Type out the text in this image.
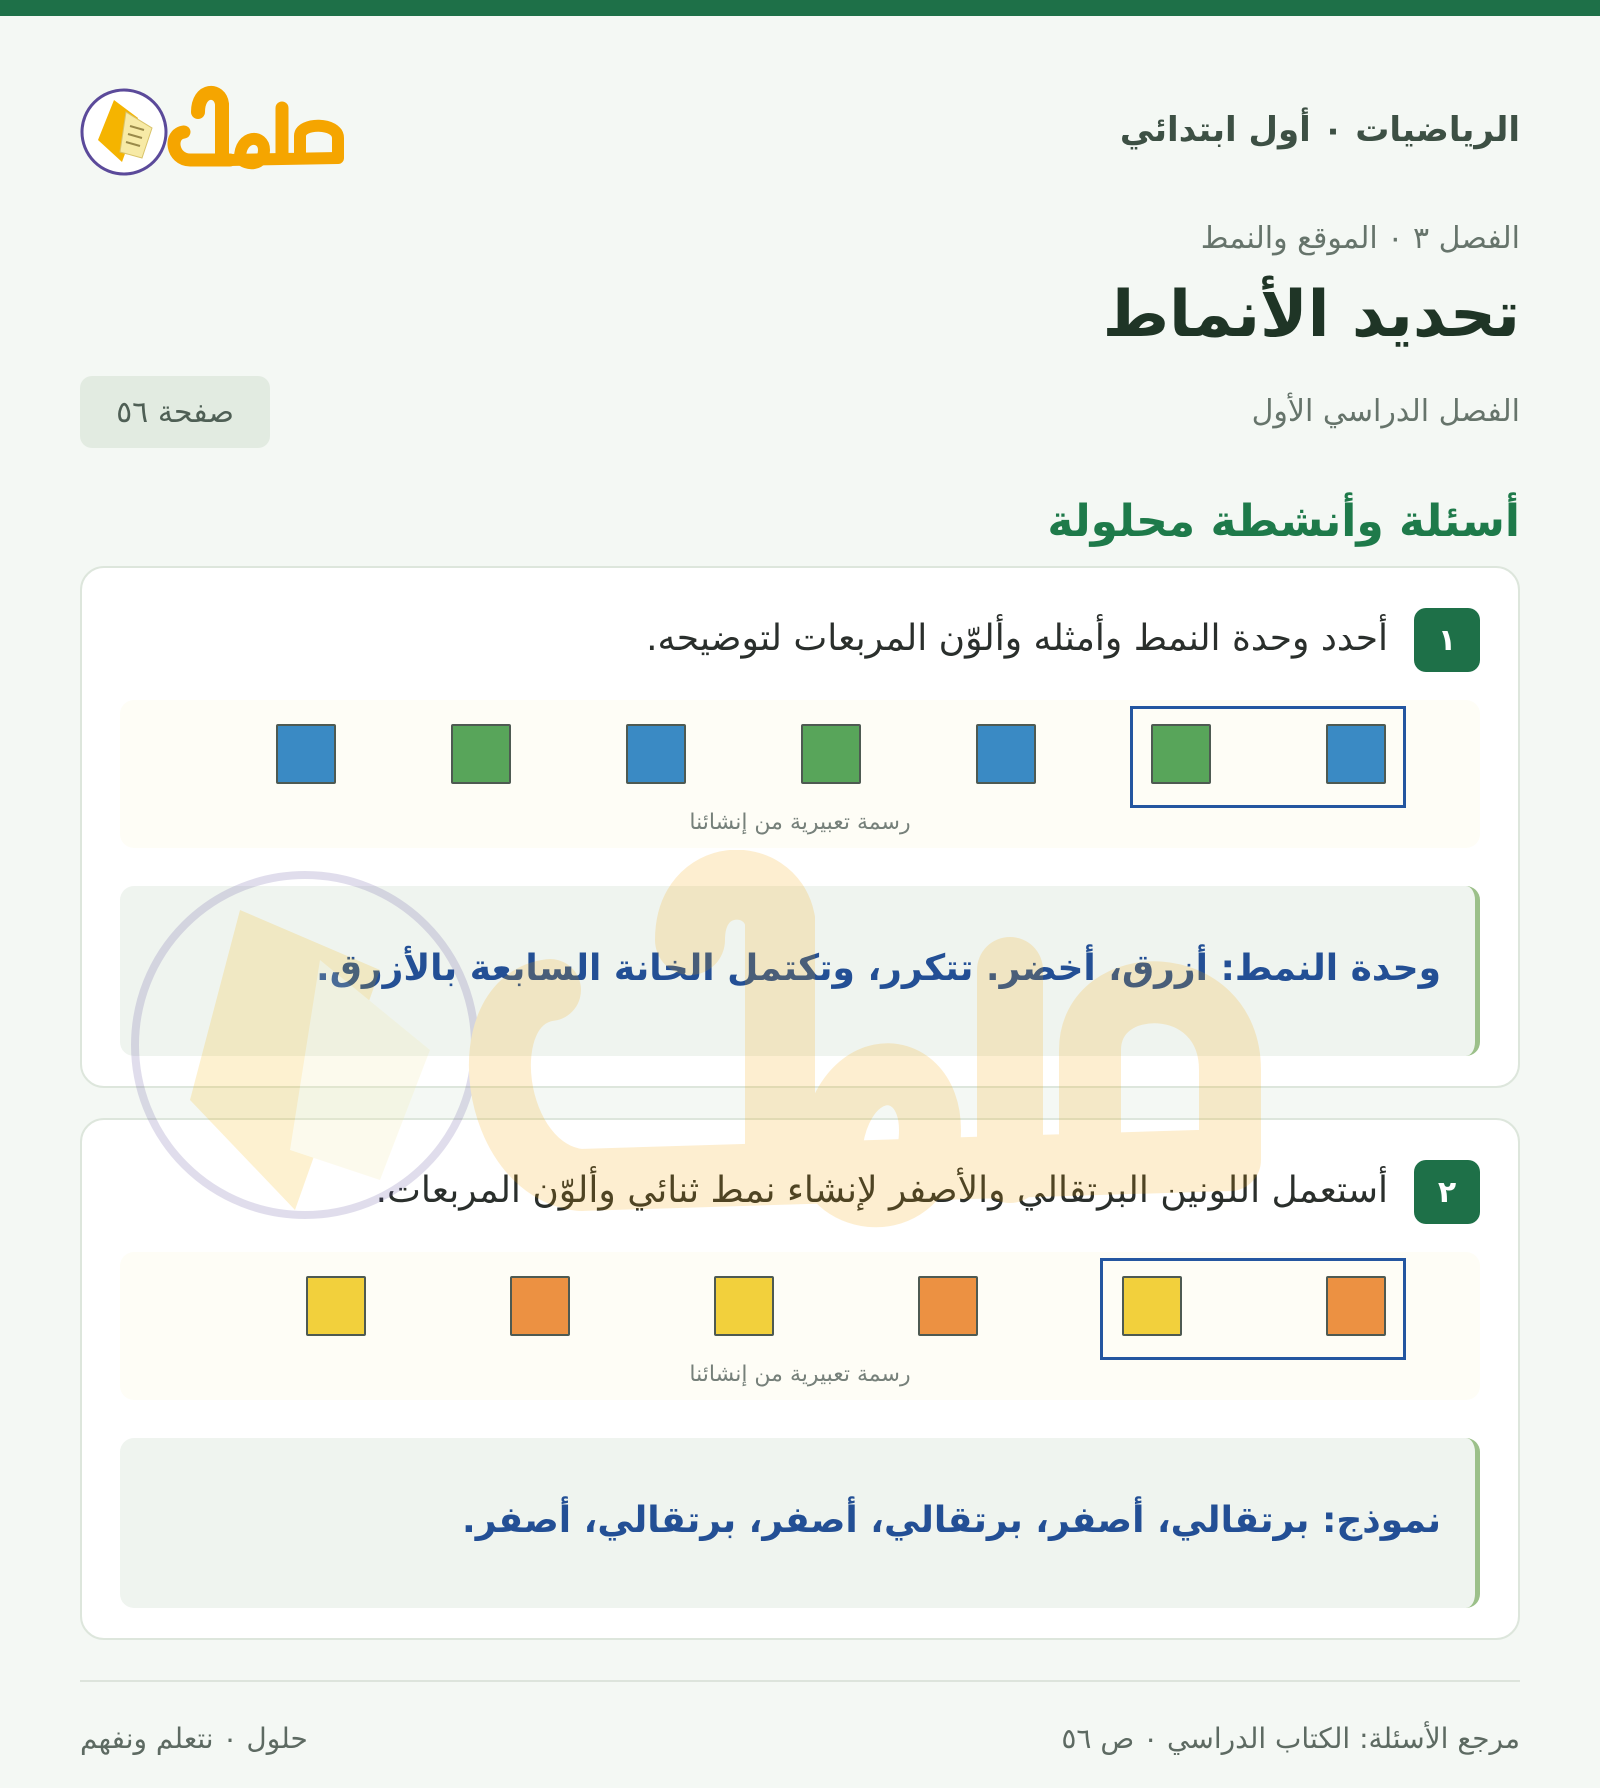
الرياضيات ٠ أول ابتدائي
الفصل ٣ ٠ الموقع والنمط
تحديد الأنماط
الفصل الدراسي الأول
صفحة ٥٦
أسئلة وأنشطة محلولة
١
أحدد وحدة النمط وأمثله وألوّن المربعات لتوضيحه.
رسمة تعبيرية من إنشائنا
وحدة النمط: أزرق، أخضر. تتكرر، وتكتمل الخانة السابعة بالأزرق.
٢
أستعمل اللونين البرتقالي والأصفر لإنشاء نمط ثنائي وألوّن المربعات.
رسمة تعبيرية من إنشائنا
نموذج: برتقالي، أصفر، برتقالي، أصفر، برتقالي، أصفر.
مرجع الأسئلة: الكتاب الدراسي ٠ ص ٥٦
حلول ٠ نتعلم ونفهم
